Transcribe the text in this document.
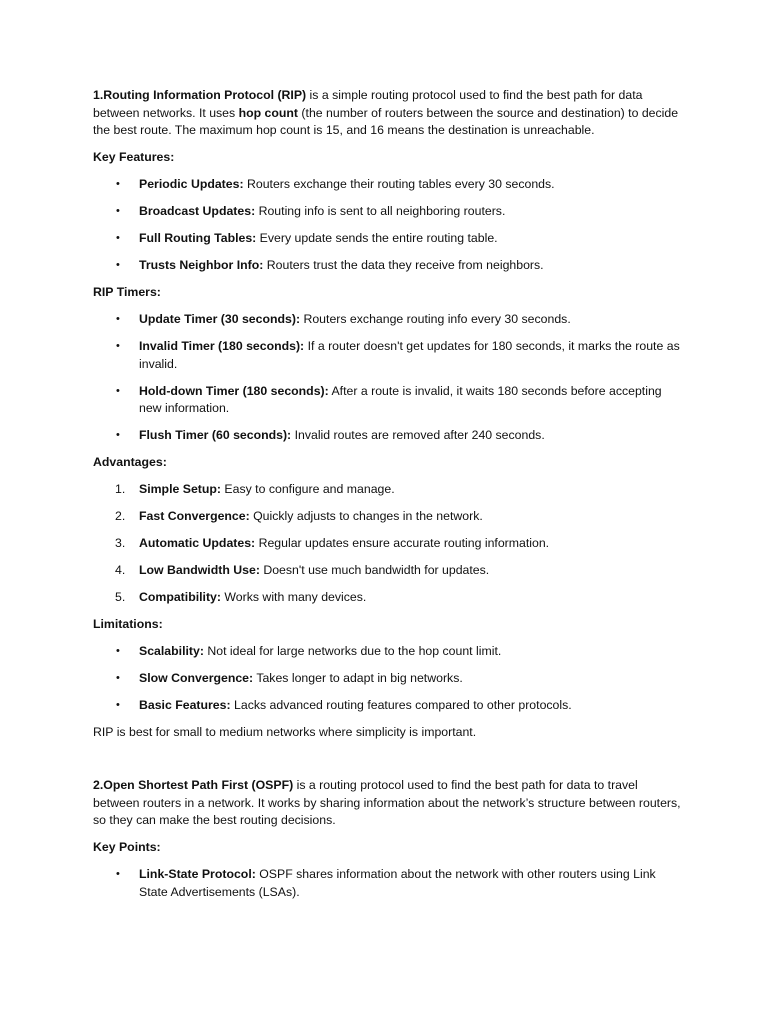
1.Routing Information Protocol (RIP) is a simple routing protocol used to find the best path for data between networks. It uses hop count (the number of routers between the source and destination) to decide the best route. The maximum hop count is 15, and 16 means the destination is unreachable.

Key Features:

•	Periodic Updates: Routers exchange their routing tables every 30 seconds.
•	Broadcast Updates: Routing info is sent to all neighboring routers.
•	Full Routing Tables: Every update sends the entire routing table.
•	Trusts Neighbor Info: Routers trust the data they receive from neighbors.

RIP Timers:

•	Update Timer (30 seconds): Routers exchange routing info every 30 seconds.
•	Invalid Timer (180 seconds): If a router doesn't get updates for 180 seconds, it marks the route as invalid.
•	Hold-down Timer (180 seconds): After a route is invalid, it waits 180 seconds before accepting new information.
•	Flush Timer (60 seconds): Invalid routes are removed after 240 seconds.

Advantages:

1.	Simple Setup: Easy to configure and manage.
2.	Fast Convergence: Quickly adjusts to changes in the network.
3.	Automatic Updates: Regular updates ensure accurate routing information.
4.	Low Bandwidth Use: Doesn't use much bandwidth for updates.
5.	Compatibility: Works with many devices.

Limitations:

•	Scalability: Not ideal for large networks due to the hop count limit.
•	Slow Convergence: Takes longer to adapt in big networks.
•	Basic Features: Lacks advanced routing features compared to other protocols.

RIP is best for small to medium networks where simplicity is important.

2.Open Shortest Path First (OSPF) is a routing protocol used to find the best path for data to travel between routers in a network. It works by sharing information about the network’s structure between routers, so they can make the best routing decisions.

Key Points:

•	Link-State Protocol: OSPF shares information about the network with other routers using Link State Advertisements (LSAs).
